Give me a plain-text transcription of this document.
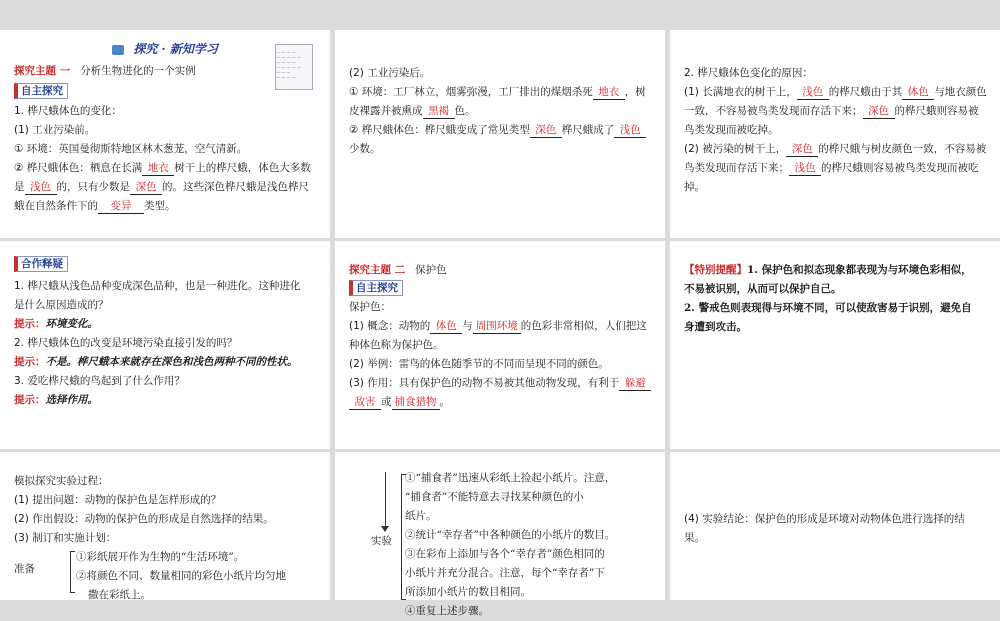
探究 · 新知学习
	— — — —
— — — — —
— — — —
— — — — —
— — —
— — — —
探究主题 一 分析生物进化的一个实例
自主探究
1. 桦尺蛾体色的变化：
(1) 工业污染前。
① 环境：英国曼彻斯特地区林木葱茏，空气清新。
② 桦尺蛾体色：栖息在长满 地衣 树干上的桦尺蛾，体色大多数
是 浅色 的，只有少数是 深色 的。这些深色桦尺蛾是浅色桦尺
蛾在自然条件下的 变异 类型。
(2) 工业污染后。
① 环境：工厂林立，烟雾弥漫，工厂排出的煤烟杀死 地衣 ，树
皮裸露并被熏成 黑褐 色。
② 桦尺蛾体色：桦尺蛾变成了常见类型 深色 桦尺蛾成了 浅色
少数。
2. 桦尺蛾体色变化的原因：
(1) 长满地衣的树干上， 浅色 的桦尺蛾由于其 体色 与地衣颜色
一致，不容易被鸟类发现而存活下来； 深色 的桦尺蛾则容易被
鸟类发现而被吃掉。
(2) 被污染的树干上， 深色 的桦尺蛾与树皮颜色一致，不容易被
鸟类发现而存活下来； 浅色 的桦尺蛾则容易被鸟类发现而被吃
掉。
合作释疑
1. 桦尺蛾从浅色品种变成深色品种，也是一种进化。这种进化
是什么原因造成的？
提示：环境变化。
2. 桦尺蛾体色的改变是环境污染直接引发的吗？
提示：不是。桦尺蛾本来就存在深色和浅色两种不同的性状。
3. 爱吃桦尺蛾的鸟起到了什么作用？
提示：选择作用。
探究主题 二 保护色
自主探究
保护色：
(1) 概念：动物的 体色 与 周围环境 的色彩非常相似，人们把这
种体色称为保护色。
(2) 举例：雷鸟的体色随季节的不同而呈现不同的颜色。
(3) 作用：具有保护色的动物不易被其他动物发现，有利于 躲避
敌害 或 捕食猎物 。
【特别提醒】1. 保护色和拟态现象都表现为与环境色彩相似，
不易被识别，从而可以保护自己。
2. 警戒色则表现得与环境不同，可以使敌害易于识别，避免自
身遭到攻击。
模拟探究实验过程：
(1) 提出问题：动物的保护色是怎样形成的？
(2) 作出假设：动物的保护色的形成是自然选择的结果。
(3) 制订和实施计划：
准备
①彩纸展开作为生物的“生活环境”。
②将颜色不同、数量相同的彩色小纸片均匀地
撒在彩纸上。
实验
①“捕食者”迅速从彩纸上捡起小纸片。注意，
“捕食者”不能特意去寻找某种颜色的小
纸片。
②统计“幸存者”中各种颜色的小纸片的数目。
③在彩布上添加与各个“幸存者”颜色相同的
小纸片并充分混合。注意，每个“幸存者”下
所添加小纸片的数目相同。
④重复上述步骤。
(4) 实验结论：保护色的形成是环境对动物体色进行选择的结
果。
